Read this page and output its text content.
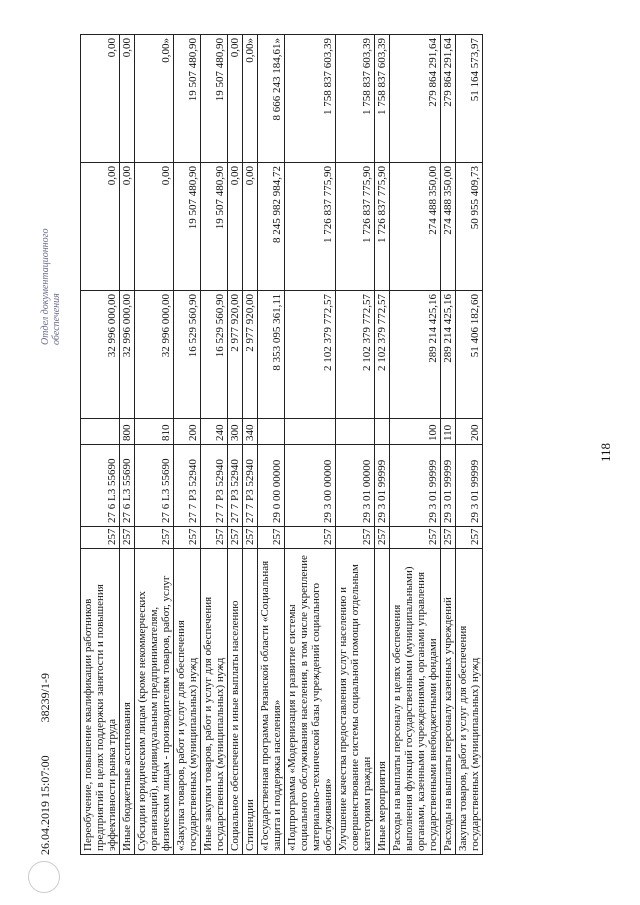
26.04.2019 15:07:00 38239/1-9
Отдел документационного обеспечения
Переобучение, повышение квалификации работников предприятий в целях поддержки занятости и повышения эффективности рынка труда	257	27 6 L3 55690		32 996 000,00	0,00	0,00
Иные бюджетные ассигнования	257	27 6 L3 55690	800	32 996 000,00	0,00	0,00
Субсидии юридическим лицам (кроме некоммерческих организаций), индивидуальным предпринимателям, физическим лицам - производителям товаров, работ, услуг	257	27 6 L3 55690	810	32 996 000,00	0,00	0,00»
«Закупка товаров, работ и услуг для обеспечения государственных (муниципальных) нужд	257	27 7 P3 52940	200	16 529 560,90	19 507 480,90	19 507 480,90
Иные закупки товаров, работ и услуг для обеспечения государственных (муниципальных) нужд	257	27 7 P3 52940	240	16 529 560,90	19 507 480,90	19 507 480,90
Социальное обеспечение и иные выплаты населению	257	27 7 P3 52940	300	2 977 920,00	0,00	0,00
Стипендии	257	27 7 P3 52940	340	2 977 920,00	0,00	0,00»
«Государственная программа Рязанской области «Социальная защита и поддержка населения»	257	29 0 00 00000		8 353 095 361,11	8 245 982 984,72	8 666 243 184,61»
«Подпрограмма «Модернизация и развитие системы социального обслуживания населения, в том числе укрепление материально-технической базы учреждений социального обслуживания»	257	29 3 00 00000		2 102 379 772,57	1 726 837 775,90	1 758 837 603,39
Улучшение качества предоставления услуг населению и совершенствование системы социальной помощи отдельным категориям граждан	257	29 3 01 00000		2 102 379 772,57	1 726 837 775,90	1 758 837 603,39
Иные мероприятия	257	29 3 01 99999		2 102 379 772,57	1 726 837 775,90	1 758 837 603,39
Расходы на выплаты персоналу в целях обеспечения выполнения функций государственными (муниципальными) органами, казенными учреждениями, органами управления государственными внебюджетными фондами	257	29 3 01 99999	100	289 214 425,16	274 488 350,00	279 864 291,64
Расходы на выплаты персоналу казенных учреждений	257	29 3 01 99999	110	289 214 425,16	274 488 350,00	279 864 291,64
Закупка товаров, работ и услуг для обеспечения государственных (муниципальных) нужд	257	29 3 01 99999	200	51 406 182,60	50 955 409,73	51 164 573,97
118
